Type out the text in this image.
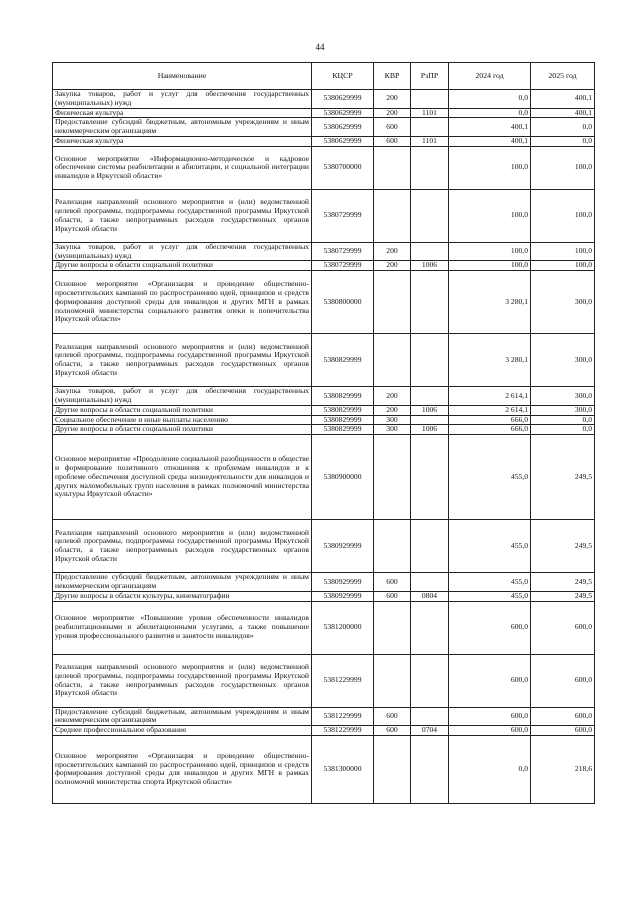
44
Наименование	КЦСР	КВР	РзПР	2024 год	2025 год
Закупка товаров, работ и услуг для обеспечения государственных (муниципальных) нужд	5380629999	200		0,0	400,1
Физическая культура	5380629999	200	1101	0,0	400,1
Предоставление субсидий бюджетным, автономным учреждениям и иным некоммерческим организациям	5380629999	600		400,1	0,0
Физическая культура	5380629999	600	1101	400,1	0,0
Основное мероприятие «Информационно-методическое и кадровое обеспечение системы реабилитации и абилитации, и социальной интеграции инвалидов в Иркутской области»	5380700000			100,0	100,0
Реализация направлений основного мероприятия и (или) ведомственной целевой программы, подпрограммы государственной программы Иркутской области, а также непрограммных расходов государственных органов Иркутской области	5380729999			100,0	100,0
Закупка товаров, работ и услуг для обеспечения государственных (муниципальных) нужд	5380729999	200		100,0	100,0
Другие вопросы в области социальной политики	5380729999	200	1006	100,0	100,0
Основное мероприятие «Организация и проведение общественно-просветительских кампаний по распространению идей, принципов и средств формирования доступной среды для инвалидов и других МГН в рамках полномочий министерства социального развития опеки и попечительства Иркутской области»	5380800000			3 280,1	300,0
Реализация направлений основного мероприятия и (или) ведомственной целевой программы, подпрограммы государственной программы Иркутской области, а также непрограммных расходов государственных органов Иркутской области	5380829999			3 280,1	300,0
Закупка товаров, работ и услуг для обеспечения государственных (муниципальных) нужд	5380829999	200		2 614,1	300,0
Другие вопросы в области социальной политики	5380829999	200	1006	2 614,1	300,0
Социальное обеспечение и иные выплаты населению	5380829999	300		666,0	0,0
Другие вопросы в области социальной политики	5380829999	300	1006	666,0	0,0
Основное мероприятие «Преодоление социальной разобщенности в обществе и формирование позитивного отношения к проблемам инвалидов и к проблеме обеспечения доступной среды жизнедеятельности для инвалидов и других маломобильных групп населения в рамках полномочий министерства культуры Иркутской области»	5380900000			455,0	249,5
Реализация направлений основного мероприятия и (или) ведомственной целевой программы, подпрограммы государственной программы Иркутской области, а также непрограммных расходов государственных органов Иркутской области	5380929999			455,0	249,5
Предоставление субсидий бюджетным, автономным учреждениям и иным некоммерческим организациям	5380929999	600		455,0	249,5
Другие вопросы в области культуры, кинематографии	5380929999	600	0804	455,0	249,5
Основное мероприятие «Повышение уровня обеспеченности инвалидов реабилитационными и абилитационными услугами, а также повышение уровня профессионального развития и занятости инвалидов»	5381200000			600,0	600,0
Реализация направлений основного мероприятия и (или) ведомственной целевой программы, подпрограммы государственной программы Иркутской области, а также непрограммных расходов государственных органов Иркутской области	5381229999			600,0	600,0
Предоставление субсидий бюджетным, автономным учреждениям и иным некоммерческим организациям	5381229999	600		600,0	600,0
Среднее профессиональное образование	5381229999	600	0704	600,0	600,0
Основное мероприятие «Организация и проведение общественно-просветительских кампаний по распространению идей, принципов и средств формирования доступной среды для инвалидов и других МГН в рамках полномочий министерства спорта Иркутской области»	5381300000			0,0	218,6
